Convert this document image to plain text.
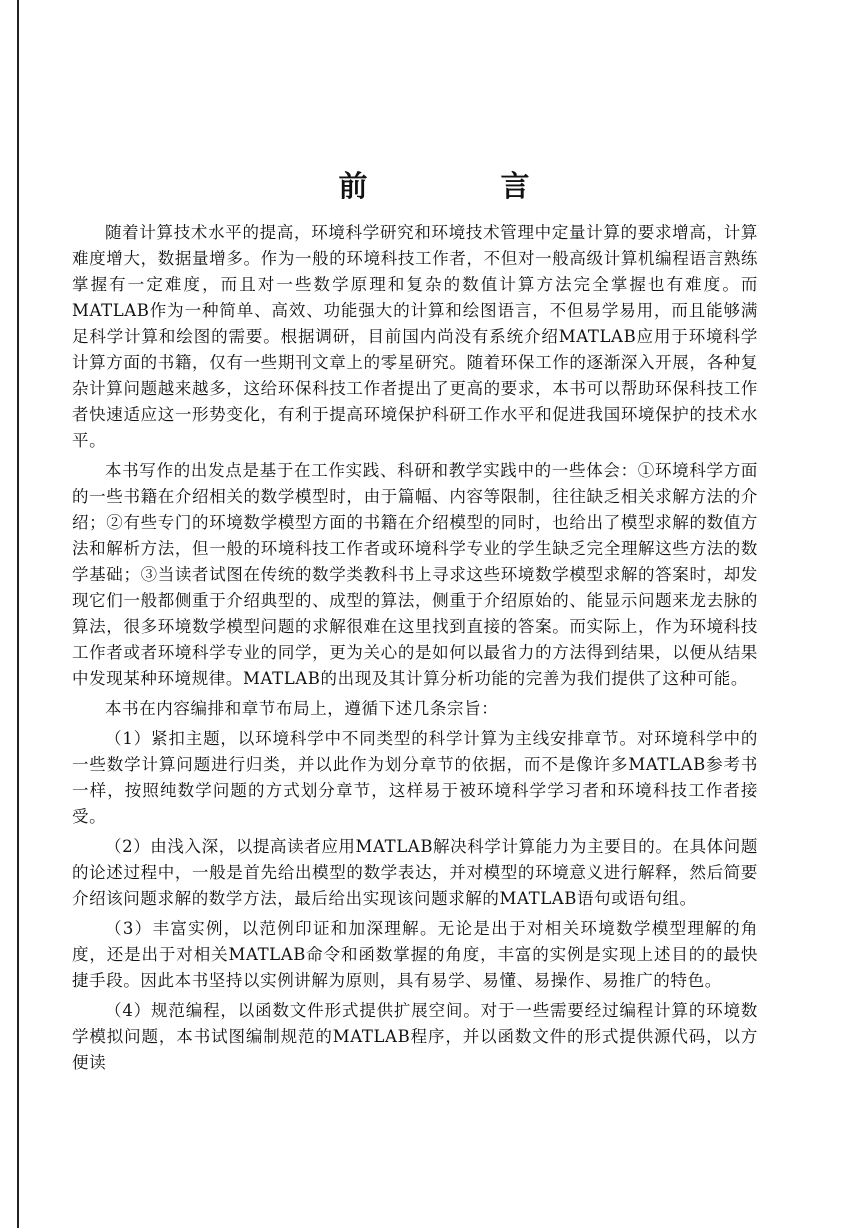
前　言

随着计算技术水平的提高，环境科学研究和环境技术管理中定量计算的要求增高，计算难度增大，数据量增多。作为一般的环境科技工作者，不但对一般高级计算机编程语言熟练掌握有一定难度，而且对一些数学原理和复杂的数值计算方法完全掌握也有难度。而MATLAB作为一种简单、高效、功能强大的计算和绘图语言，不但易学易用，而且能够满足科学计算和绘图的需要。根据调研，目前国内尚没有系统介绍MATLAB应用于环境科学计算方面的书籍，仅有一些期刊文章上的零星研究。随着环保工作的逐渐深入开展，各种复杂计算问题越来越多，这给环保科技工作者提出了更高的要求，本书可以帮助环保科技工作者快速适应这一形势变化，有利于提高环境保护科研工作水平和促进我国环境保护的技术水平。

本书写作的出发点是基于在工作实践、科研和教学实践中的一些体会：①环境科学方面的一些书籍在介绍相关的数学模型时，由于篇幅、内容等限制，往往缺乏相关求解方法的介绍；②有些专门的环境数学模型方面的书籍在介绍模型的同时，也给出了模型求解的数值方法和解析方法，但一般的环境科技工作者或环境科学专业的学生缺乏完全理解这些方法的数学基础；③当读者试图在传统的数学类教科书上寻求这些环境数学模型求解的答案时，却发现它们一般都侧重于介绍典型的、成型的算法，侧重于介绍原始的、能显示问题来龙去脉的算法，很多环境数学模型问题的求解很难在这里找到直接的答案。而实际上，作为环境科技工作者或者环境科学专业的同学，更为关心的是如何以最省力的方法得到结果，以便从结果中发现某种环境规律。MATLAB的出现及其计算分析功能的完善为我们提供了这种可能。

本书在内容编排和章节布局上，遵循下述几条宗旨：

（1）紧扣主题，以环境科学中不同类型的科学计算为主线安排章节。对环境科学中的一些数学计算问题进行归类，并以此作为划分章节的依据，而不是像许多MATLAB参考书一样，按照纯数学问题的方式划分章节，这样易于被环境科学学习者和环境科技工作者接受。

（2）由浅入深，以提高读者应用MATLAB解决科学计算能力为主要目的。在具体问题的论述过程中，一般是首先给出模型的数学表达，并对模型的环境意义进行解释，然后简要介绍该问题求解的数学方法，最后给出实现该问题求解的MATLAB语句或语句组。

（3）丰富实例，以范例印证和加深理解。无论是出于对相关环境数学模型理解的角度，还是出于对相关MATLAB命令和函数掌握的角度，丰富的实例是实现上述目的的最快捷手段。因此本书坚持以实例讲解为原则，具有易学、易懂、易操作、易推广的特色。

（4）规范编程，以函数文件形式提供扩展空间。对于一些需要经过编程计算的环境数学模拟问题，本书试图编制规范的MATLAB程序，并以函数文件的形式提供源代码，以方便读
